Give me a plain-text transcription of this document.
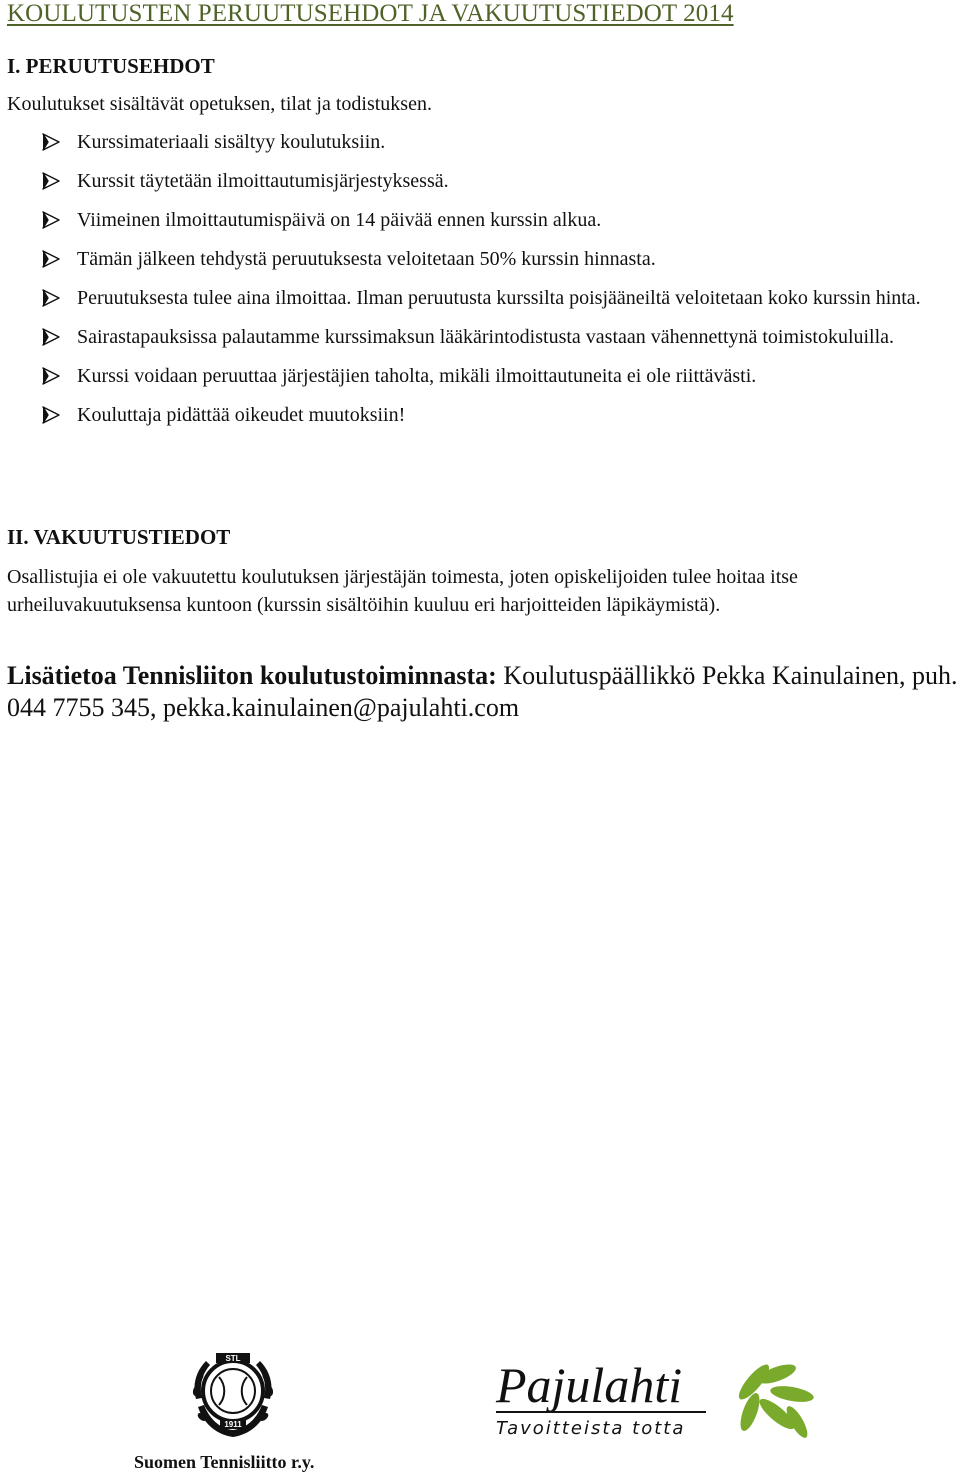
KOULUTUSTEN PERUUTUSEHDOT JA VAKUUTUSTIEDOT 2014
I. PERUUTUSEHDOT
Koulutukset sisältävät opetuksen, tilat ja todistuksen.
Kurssimateriaali sisältyy koulutuksiin.
Kurssit täytetään ilmoittautumisjärjestyksessä.
Viimeinen ilmoittautumispäivä on 14 päivää ennen kurssin alkua.
Tämän jälkeen tehdystä peruutuksesta veloitetaan 50% kurssin hinnasta.
Peruutuksesta tulee aina ilmoittaa. Ilman peruutusta kurssilta poisjääneiltä veloitetaan koko kurssin hinta.
Sairastapauksissa palautamme kurssimaksun lääkärintodistusta vastaan vähennettynä toimistokuluilla.
Kurssi voidaan peruuttaa järjestäjien taholta, mikäli ilmoittautuneita ei ole riittävästi.
Kouluttaja pidättää oikeudet muutoksiin!
II. VAKUUTUSTIEDOT
Osallistujia ei ole vakuutettu koulutuksen järjestäjän toimesta, joten opiskelijoiden tulee hoitaa itse urheiluvakuutuksensa kuntoon (kurssin sisältöihin kuuluu eri harjoitteiden läpikäymistä).
Lisätietoa Tennisliiton koulutustoiminnasta: Koulutuspäällikkö Pekka Kainulainen, puh. 044 7755 345, pekka.kainulainen@pajulahti.com
STL
1911
Suomen Tennisliitto r.y.
Pajulahti
Tavoitteista totta
